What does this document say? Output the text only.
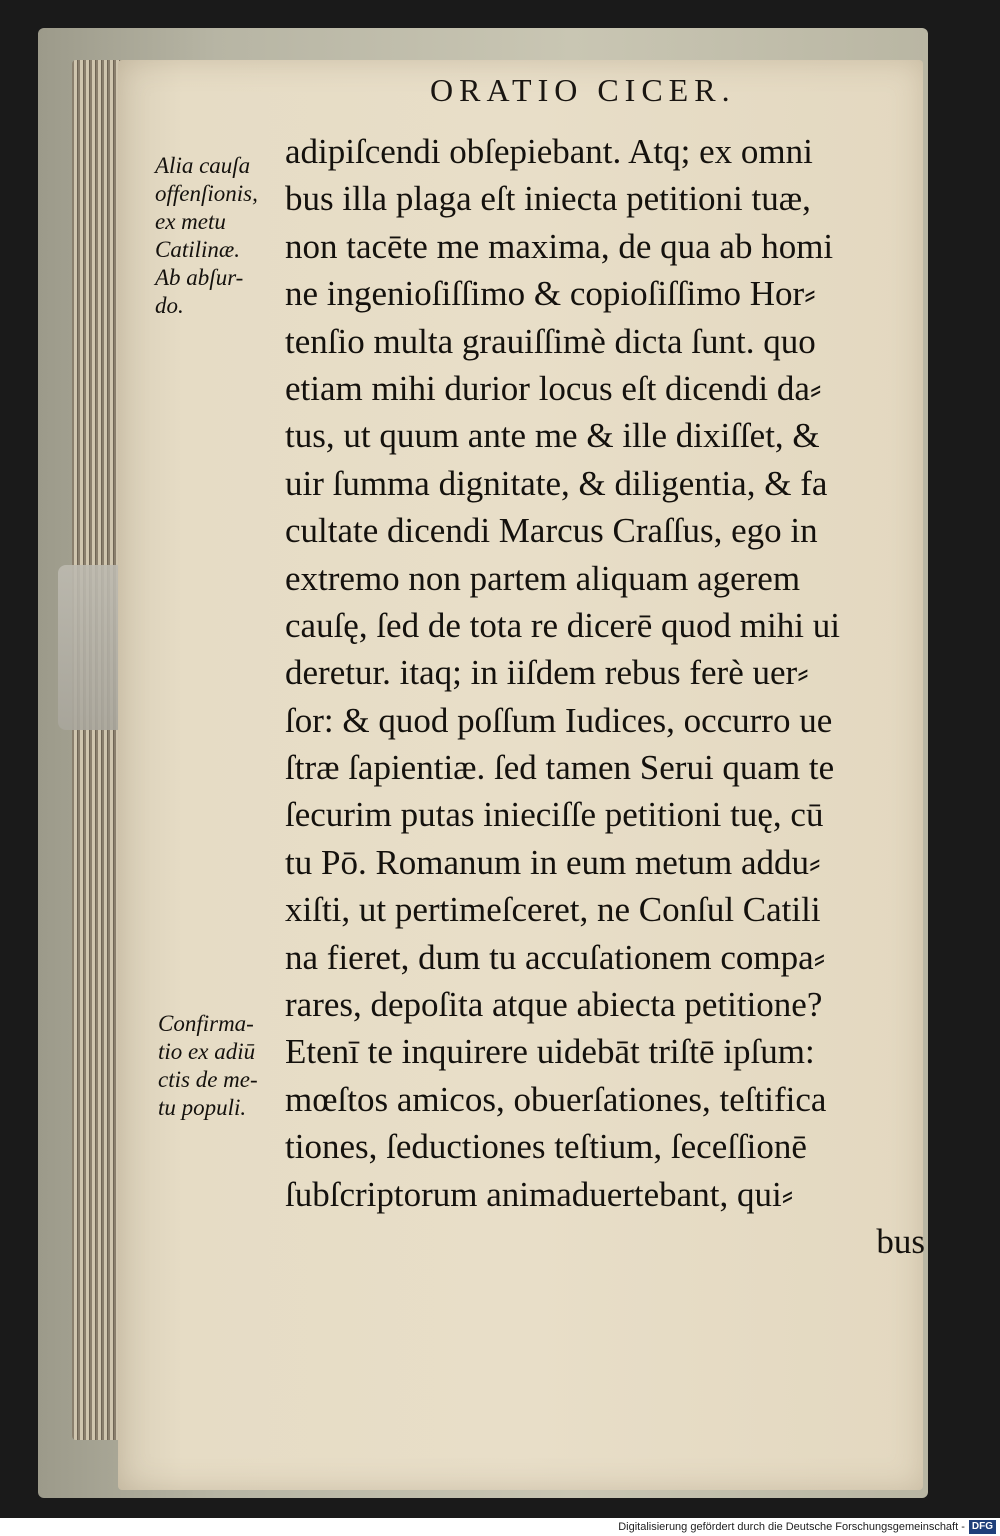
ORATIO CICER.
Alia cauſa
offenſionis,
ex metu
Catilinæ.
Ab abſur-
do.
Confirma-
tio ex adiū
ctis de me-
tu populi.
adipiſcendi obſepiebant. Atq; ex omni
bus illa plaga eſt iniecta petitioni tuæ,
non tacēte me maxima, de qua ab homi
ne ingenioſiſſimo & copioſiſſimo Hor⸗
tenſio multa grauiſſimè dicta ſunt. quo
etiam mihi durior locus eſt dicendi da⸗
tus, ut quum ante me & ille dixiſſet, &
uir ſumma dignitate, & diligentia, & fa
cultate dicendi Marcus Craſſus, ego in
extremo non partem aliquam agerem
cauſę, ſed de tota re dicerē quod mihi ui
deretur. itaq; in iiſdem rebus ferè uer⸗
ſor: & quod poſſum Iudices, occurro ue
ſtræ ſapientiæ. ſed tamen Serui quam te
ſecurim putas inieciſſe petitioni tuę, cū
tu Pō. Romanum in eum metum addu⸗
xiſti, ut pertimeſceret, ne Conſul Catili
na fieret, dum tu accuſationem compa⸗
rares, depoſita atque abiecta petitione?
Etenī te inquirere uidebāt triſtē ipſum:
mœſtos amicos, obuerſationes, teſtifica
tiones, ſeductiones teſtium, ſeceſſionē
ſubſcriptorum animaduertebant, qui⸗
bus
Digitalisierung gefördert durch die Deutsche Forschungsgemeinschaft - DFG
